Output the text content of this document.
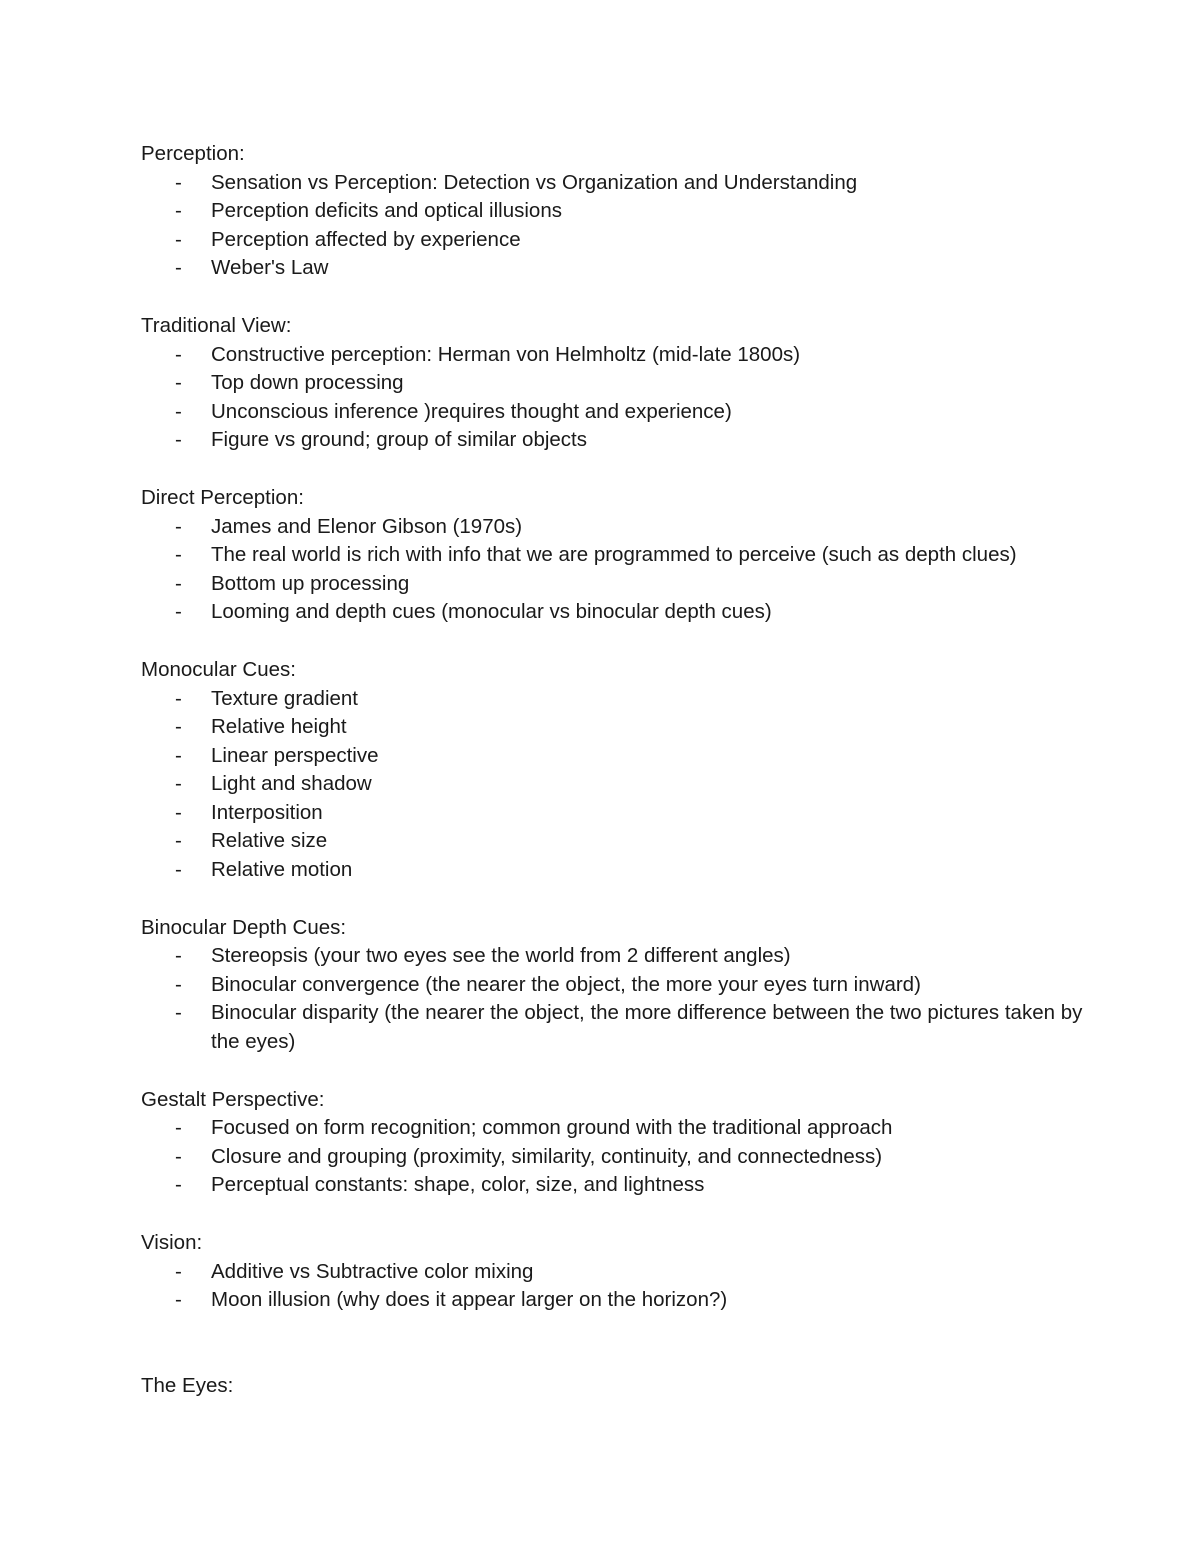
Perception:

- Sensation vs Perception: Detection vs Organization and Understanding
- Perception deficits and optical illusions
- Perception affected by experience
- Weber's Law

Traditional View:

- Constructive perception: Herman von Helmholtz (mid-late 1800s)
- Top down processing
- Unconscious inference )requires thought and experience)
- Figure vs ground; group of similar objects

Direct Perception:

- James and Elenor Gibson (1970s)
- The real world is rich with info that we are programmed to perceive (such as depth clues)
- Bottom up processing
- Looming and depth cues (monocular vs binocular depth cues)

Monocular Cues:

- Texture gradient
- Relative height
- Linear perspective
- Light and shadow
- Interposition
- Relative size
- Relative motion

Binocular Depth Cues:

- Stereopsis (your two eyes see the world from 2 different angles)
- Binocular convergence (the nearer the object, the more your eyes turn inward)
- Binocular disparity (the nearer the object, the more difference between the two pictures taken by the eyes)

Gestalt Perspective:

- Focused on form recognition; common ground with the traditional approach
- Closure and grouping (proximity, similarity, continuity, and connectedness)
- Perceptual constants: shape, color, size, and lightness

Vision:

- Additive vs Subtractive color mixing
- Moon illusion (why does it appear larger on the horizon?)

The Eyes:
